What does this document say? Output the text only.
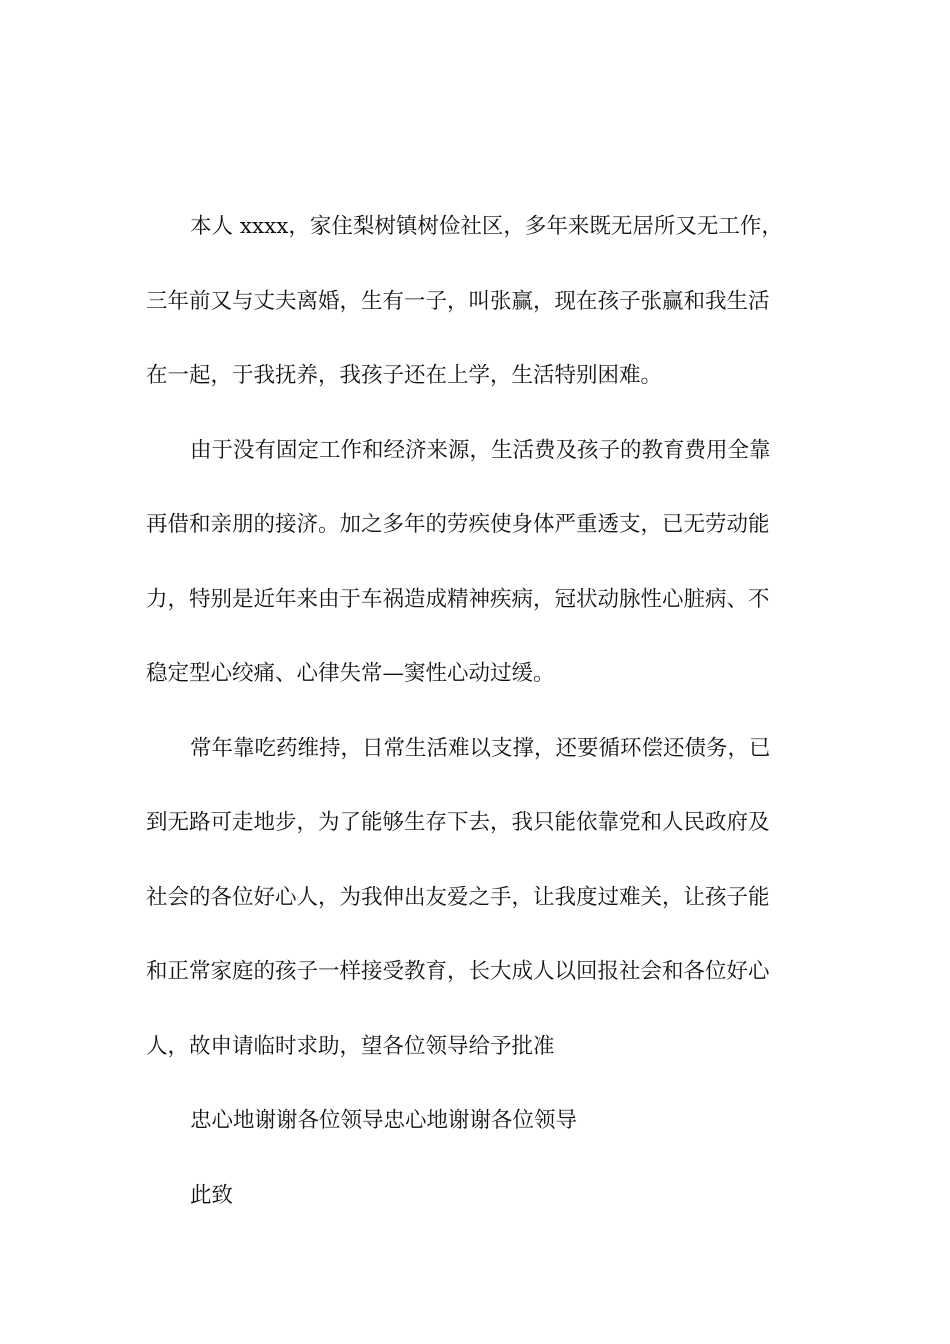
本人 xxxx，家住梨树镇树俭社区，多年来既无居所又无工作，
三年前又与丈夫离婚，生有一子，叫张赢，现在孩子张赢和我生活
在一起，于我抚养，我孩子还在上学，生活特别困难。
由于没有固定工作和经济来源，生活费及孩子的教育费用全靠
再借和亲朋的接济。加之多年的劳疾使身体严重透支，已无劳动能
力，特别是近年来由于车祸造成精神疾病，冠状动脉性心脏病、不
稳定型心绞痛、心律失常—窦性心动过缓。
常年靠吃药维持，日常生活难以支撑，还要循环偿还债务，已
到无路可走地步，为了能够生存下去，我只能依靠党和人民政府及
社会的各位好心人，为我伸出友爱之手，让我度过难关，让孩子能
和正常家庭的孩子一样接受教育，长大成人以回报社会和各位好心
人，故申请临时求助，望各位领导给予批准
忠心地谢谢各位领导忠心地谢谢各位领导
此致
